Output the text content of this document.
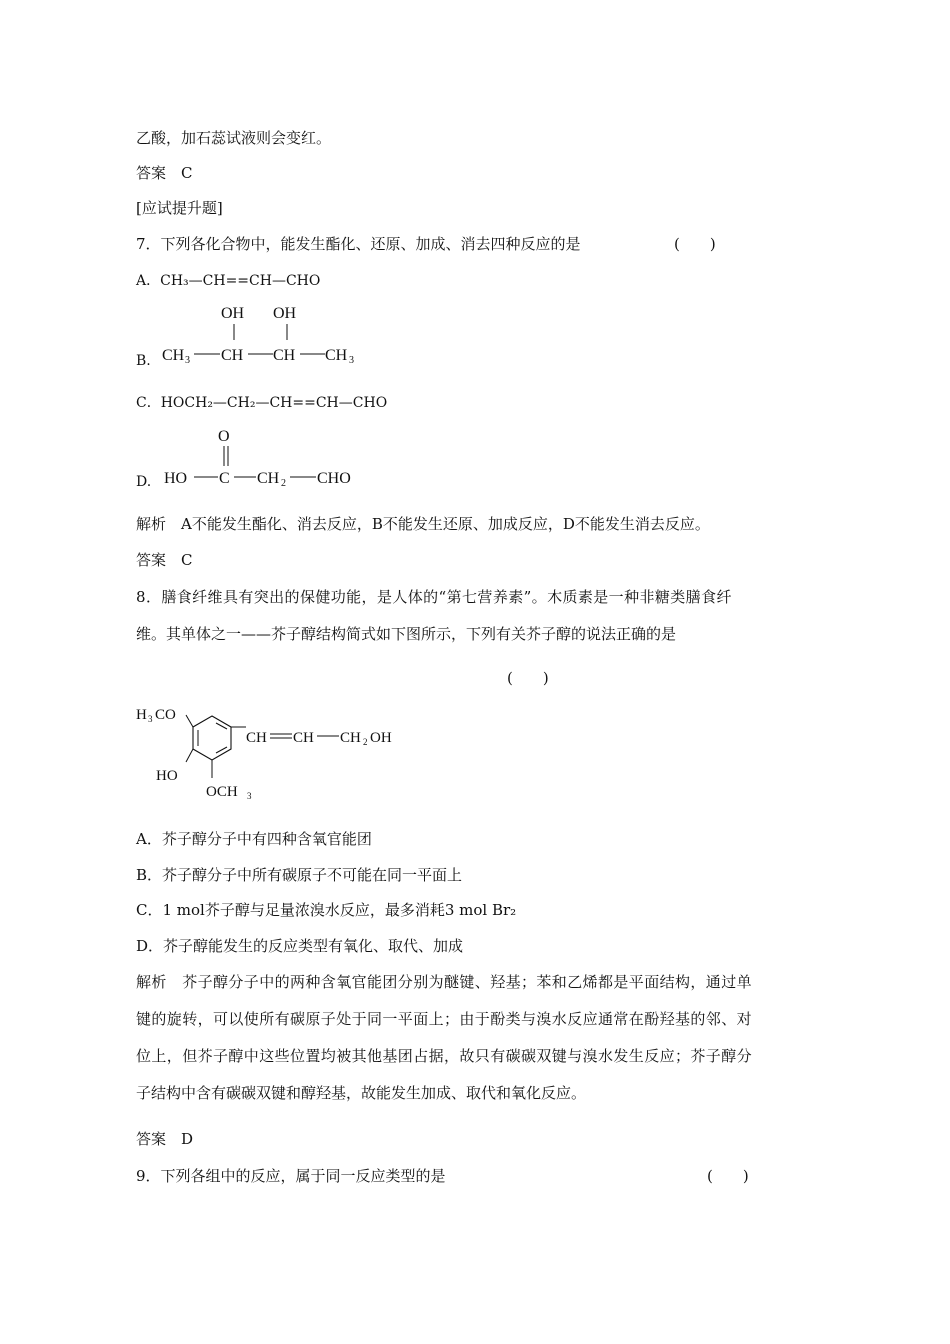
乙酸，加石蕊试液则会变红。
答案　C
[应试提升题]
7．下列各化合物中，能发生酯化、还原、加成、消去四种反应的是	(　　)
A．CH₃—CH==CH—CHO
B.
OH OH
CH 3 CH CH CH 3
C．HOCH₂—CH₂—CH==CH—CHO
D.
O
HO C CH 2 CHO
解析　A不能发生酯化、消去反应，B不能发生还原、加成反应，D不能发生消去反应。
答案　C
8．膳食纤维具有突出的保健功能，是人体的“第七营养素”。木质素是一种非糖类膳食纤
维。其单体之一——芥子醇结构简式如下图所示，下列有关芥子醇的说法正确的是
(　　)
H 3 CO
CH CH CH 2 OH
HO
OCH 3
A．芥子醇分子中有四种含氧官能团
B．芥子醇分子中所有碳原子不可能在同一平面上
C．1 mol芥子醇与足量浓溴水反应，最多消耗3 mol Br₂
D．芥子醇能发生的反应类型有氧化、取代、加成
解析　芥子醇分子中的两种含氧官能团分别为醚键、羟基；苯和乙烯都是平面结构，通过单
键的旋转，可以使所有碳原子处于同一平面上；由于酚类与溴水反应通常在酚羟基的邻、对
位上，但芥子醇中这些位置均被其他基团占据，故只有碳碳双键与溴水发生反应；芥子醇分
子结构中含有碳碳双键和醇羟基，故能发生加成、取代和氧化反应。
答案　D
9．下列各组中的反应，属于同一反应类型的是	(　　)
